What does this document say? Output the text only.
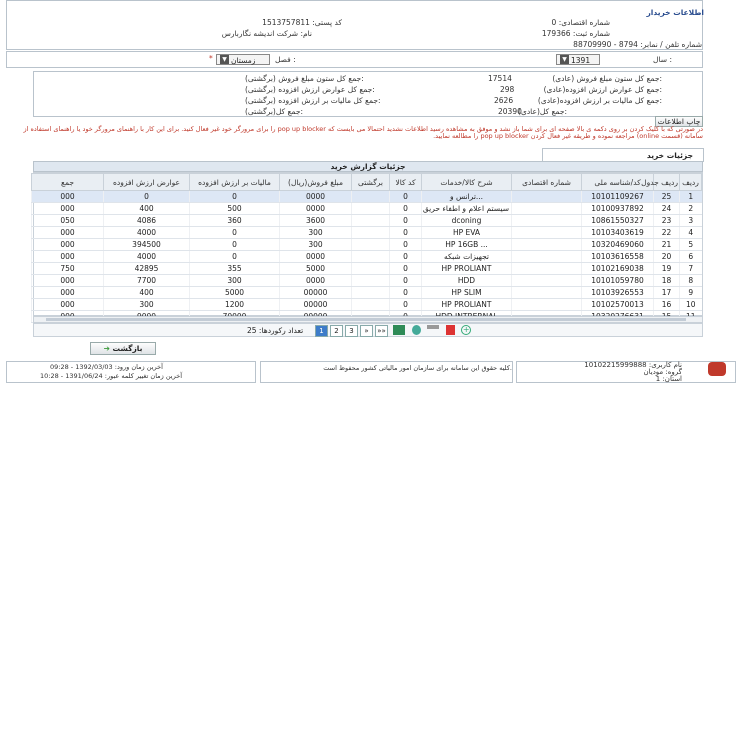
اطلاعات خریدار
شماره اقتصادی: 0
کد پستی: 1513757811
شماره ثبت: 179366
نام: شرکت اندیشه نگاربارس
شماره تلفن / نمابر: 8794 - 88709990
سال :
▼ 1391
فصل :
▼ زمستان
*
جمع کل ستون مبلغ فروش (عادی):
17514
جمع کل ستون مبلغ فروش (برگشتی):
جمع کل عوارض ارزش افزوده(عادی):
298
جمع کل عوارض ارزش افزوده (برگشتی):
جمع کل مالیات بر ارزش افزوده(عادی):
2626
جمع کل مالیات بر ارزش افزوده (برگشتی):
جمع کل(عادی):
20390
جمع کل(برگشتی):
چاپ اطلاعات
در صورتی که با کلیک کردن بر روی دکمه ی بالا صفحه ای برای شما باز نشد و موفق به مشاهده رسید اطلاعات نشدید احتمالا می بایست که pop up blocker را برای مرورگر خود غیر فعال کنید. برای این کار با راهنمای مرورگر خود یا راهنمای استفاده از سامانه (قسمت online) مراجعه نموده و طریقه غیر فعال کردن pop up blocker را مطالعه نمایید.
جزئیات خرید
جزئیات گزارش خرید
ردیف	ردیف جدول	کد/شناسه ملی	شماره اقتصادی	شرح کالا/خدمات	کد کالا	برگشتی	مبلغ فروش(ریال)	مالیات بر ارزش افزوده	عوارض ارزش افزوده	جمع
1	25	10101109267		...ترانس و	0		0000	0	0	000
2	24	10100937892		سیستم اعلام و اطفاء حریق	0		0000	500	400	000
3	23	10861550327		dconing	0		3600	360	4086	050
4	22	10103403619		HP EVA	0		300	0	4000	000
5	21	10320469060		... HP 16GB	0		300	0	394500	000
6	20	10103616558		تجهیزات شبکه	0		0000	0	4000	000
7	19	10102169038		HP PROLIANT	0		5000	355	42895	750
8	18	10101059780		HDD	0		0000	300	7700	000
9	17	10103926553		HP SLIM	0		00000	5000	400	000
10	16	10102570013		HP PROLIANT	0		00000	1200	300	000

تعداد رکوردها: 25	1 2 3 » »»	+
➔ بازگشت
نام کاربری: 10102215999888
گروه: مودیان
استان: 1
کلیه حقوق این سامانه برای سازمان امور مالیاتی کشور محفوظ است.
آخرین زمان ورود: 1392/03/03 - 09:28
آخرین زمان تغییر کلمه عبور: 1391/06/24 - 10:28
